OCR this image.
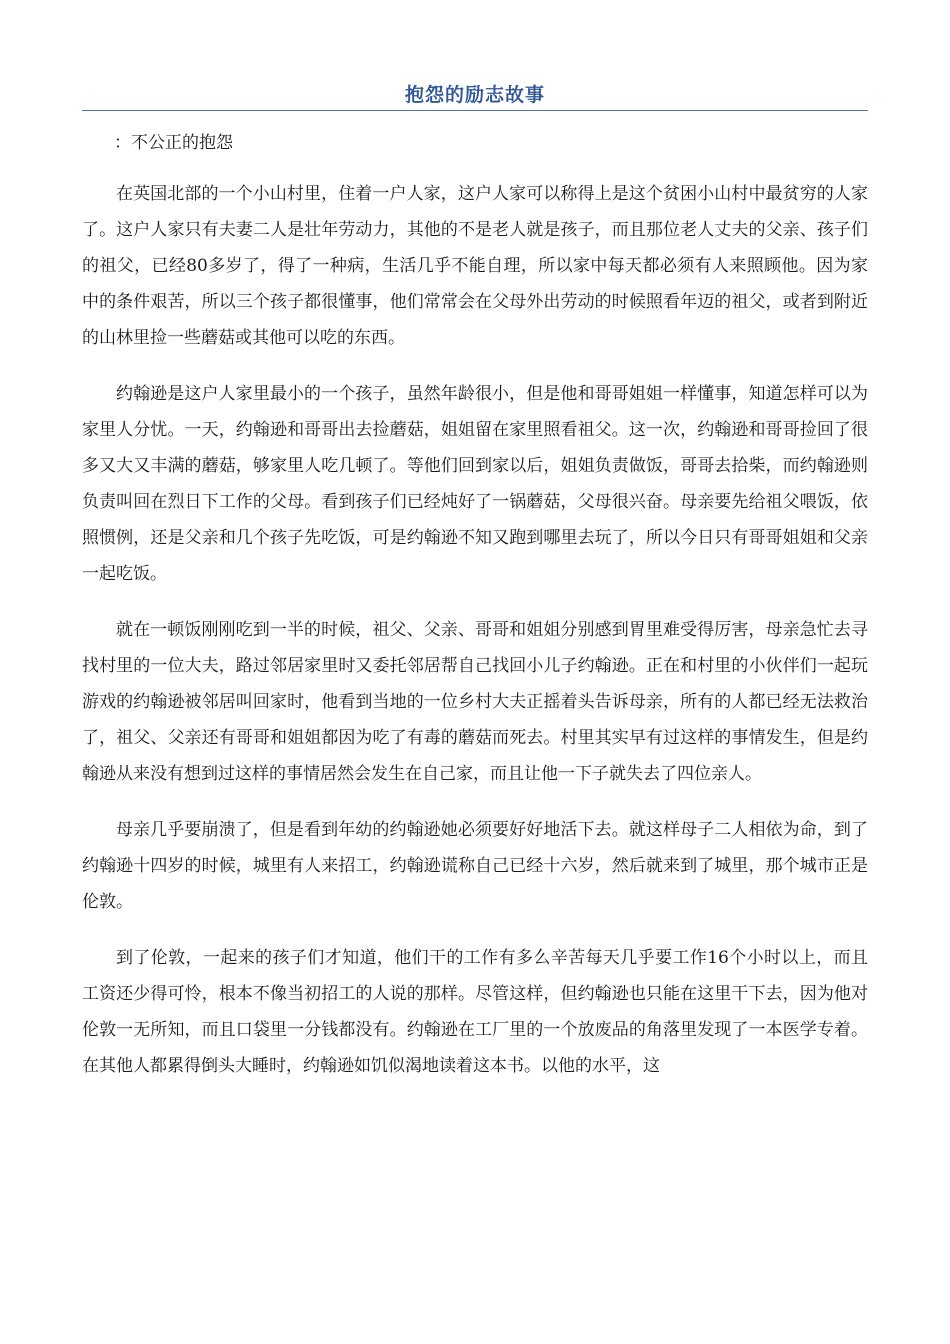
抱怨的励志故事

：不公正的抱怨

在英国北部的一个小山村里，住着一户人家，这户人家可以称得上是这个贫困小山村中最贫穷的人家了。这户人家只有夫妻二人是壮年劳动力，其他的不是老人就是孩子，而且那位老人丈夫的父亲、孩子们的祖父，已经80多岁了，得了一种病，生活几乎不能自理，所以家中每天都必须有人来照顾他。因为家中的条件艰苦，所以三个孩子都很懂事，他们常常会在父母外出劳动的时候照看年迈的祖父，或者到附近的山林里捡一些蘑菇或其他可以吃的东西。

约翰逊是这户人家里最小的一个孩子，虽然年龄很小，但是他和哥哥姐姐一样懂事，知道怎样可以为家里人分忧。一天，约翰逊和哥哥出去捡蘑菇，姐姐留在家里照看祖父。这一次，约翰逊和哥哥捡回了很多又大又丰满的蘑菇，够家里人吃几顿了。等他们回到家以后，姐姐负责做饭，哥哥去拾柴，而约翰逊则负责叫回在烈日下工作的父母。看到孩子们已经炖好了一锅蘑菇，父母很兴奋。母亲要先给祖父喂饭，依照惯例，还是父亲和几个孩子先吃饭，可是约翰逊不知又跑到哪里去玩了，所以今日只有哥哥姐姐和父亲一起吃饭。

就在一顿饭刚刚吃到一半的时候，祖父、父亲、哥哥和姐姐分别感到胃里难受得厉害，母亲急忙去寻找村里的一位大夫，路过邻居家里时又委托邻居帮自己找回小儿子约翰逊。正在和村里的小伙伴们一起玩游戏的约翰逊被邻居叫回家时，他看到当地的一位乡村大夫正摇着头告诉母亲，所有的人都已经无法救治了，祖父、父亲还有哥哥和姐姐都因为吃了有毒的蘑菇而死去。村里其实早有过这样的事情发生，但是约翰逊从来没有想到过这样的事情居然会发生在自己家，而且让他一下子就失去了四位亲人。

母亲几乎要崩溃了，但是看到年幼的约翰逊她必须要好好地活下去。就这样母子二人相依为命，到了约翰逊十四岁的时候，城里有人来招工，约翰逊谎称自己已经十六岁，然后就来到了城里，那个城市正是伦敦。

到了伦敦，一起来的孩子们才知道，他们干的工作有多么辛苦每天几乎要工作16个小时以上，而且工资还少得可怜，根本不像当初招工的人说的那样。尽管这样，但约翰逊也只能在这里干下去，因为他对伦敦一无所知，而且口袋里一分钱都没有。约翰逊在工厂里的一个放废品的角落里发现了一本医学专着。在其他人都累得倒头大睡时，约翰逊如饥似渴地读着这本书。以他的水平，这
